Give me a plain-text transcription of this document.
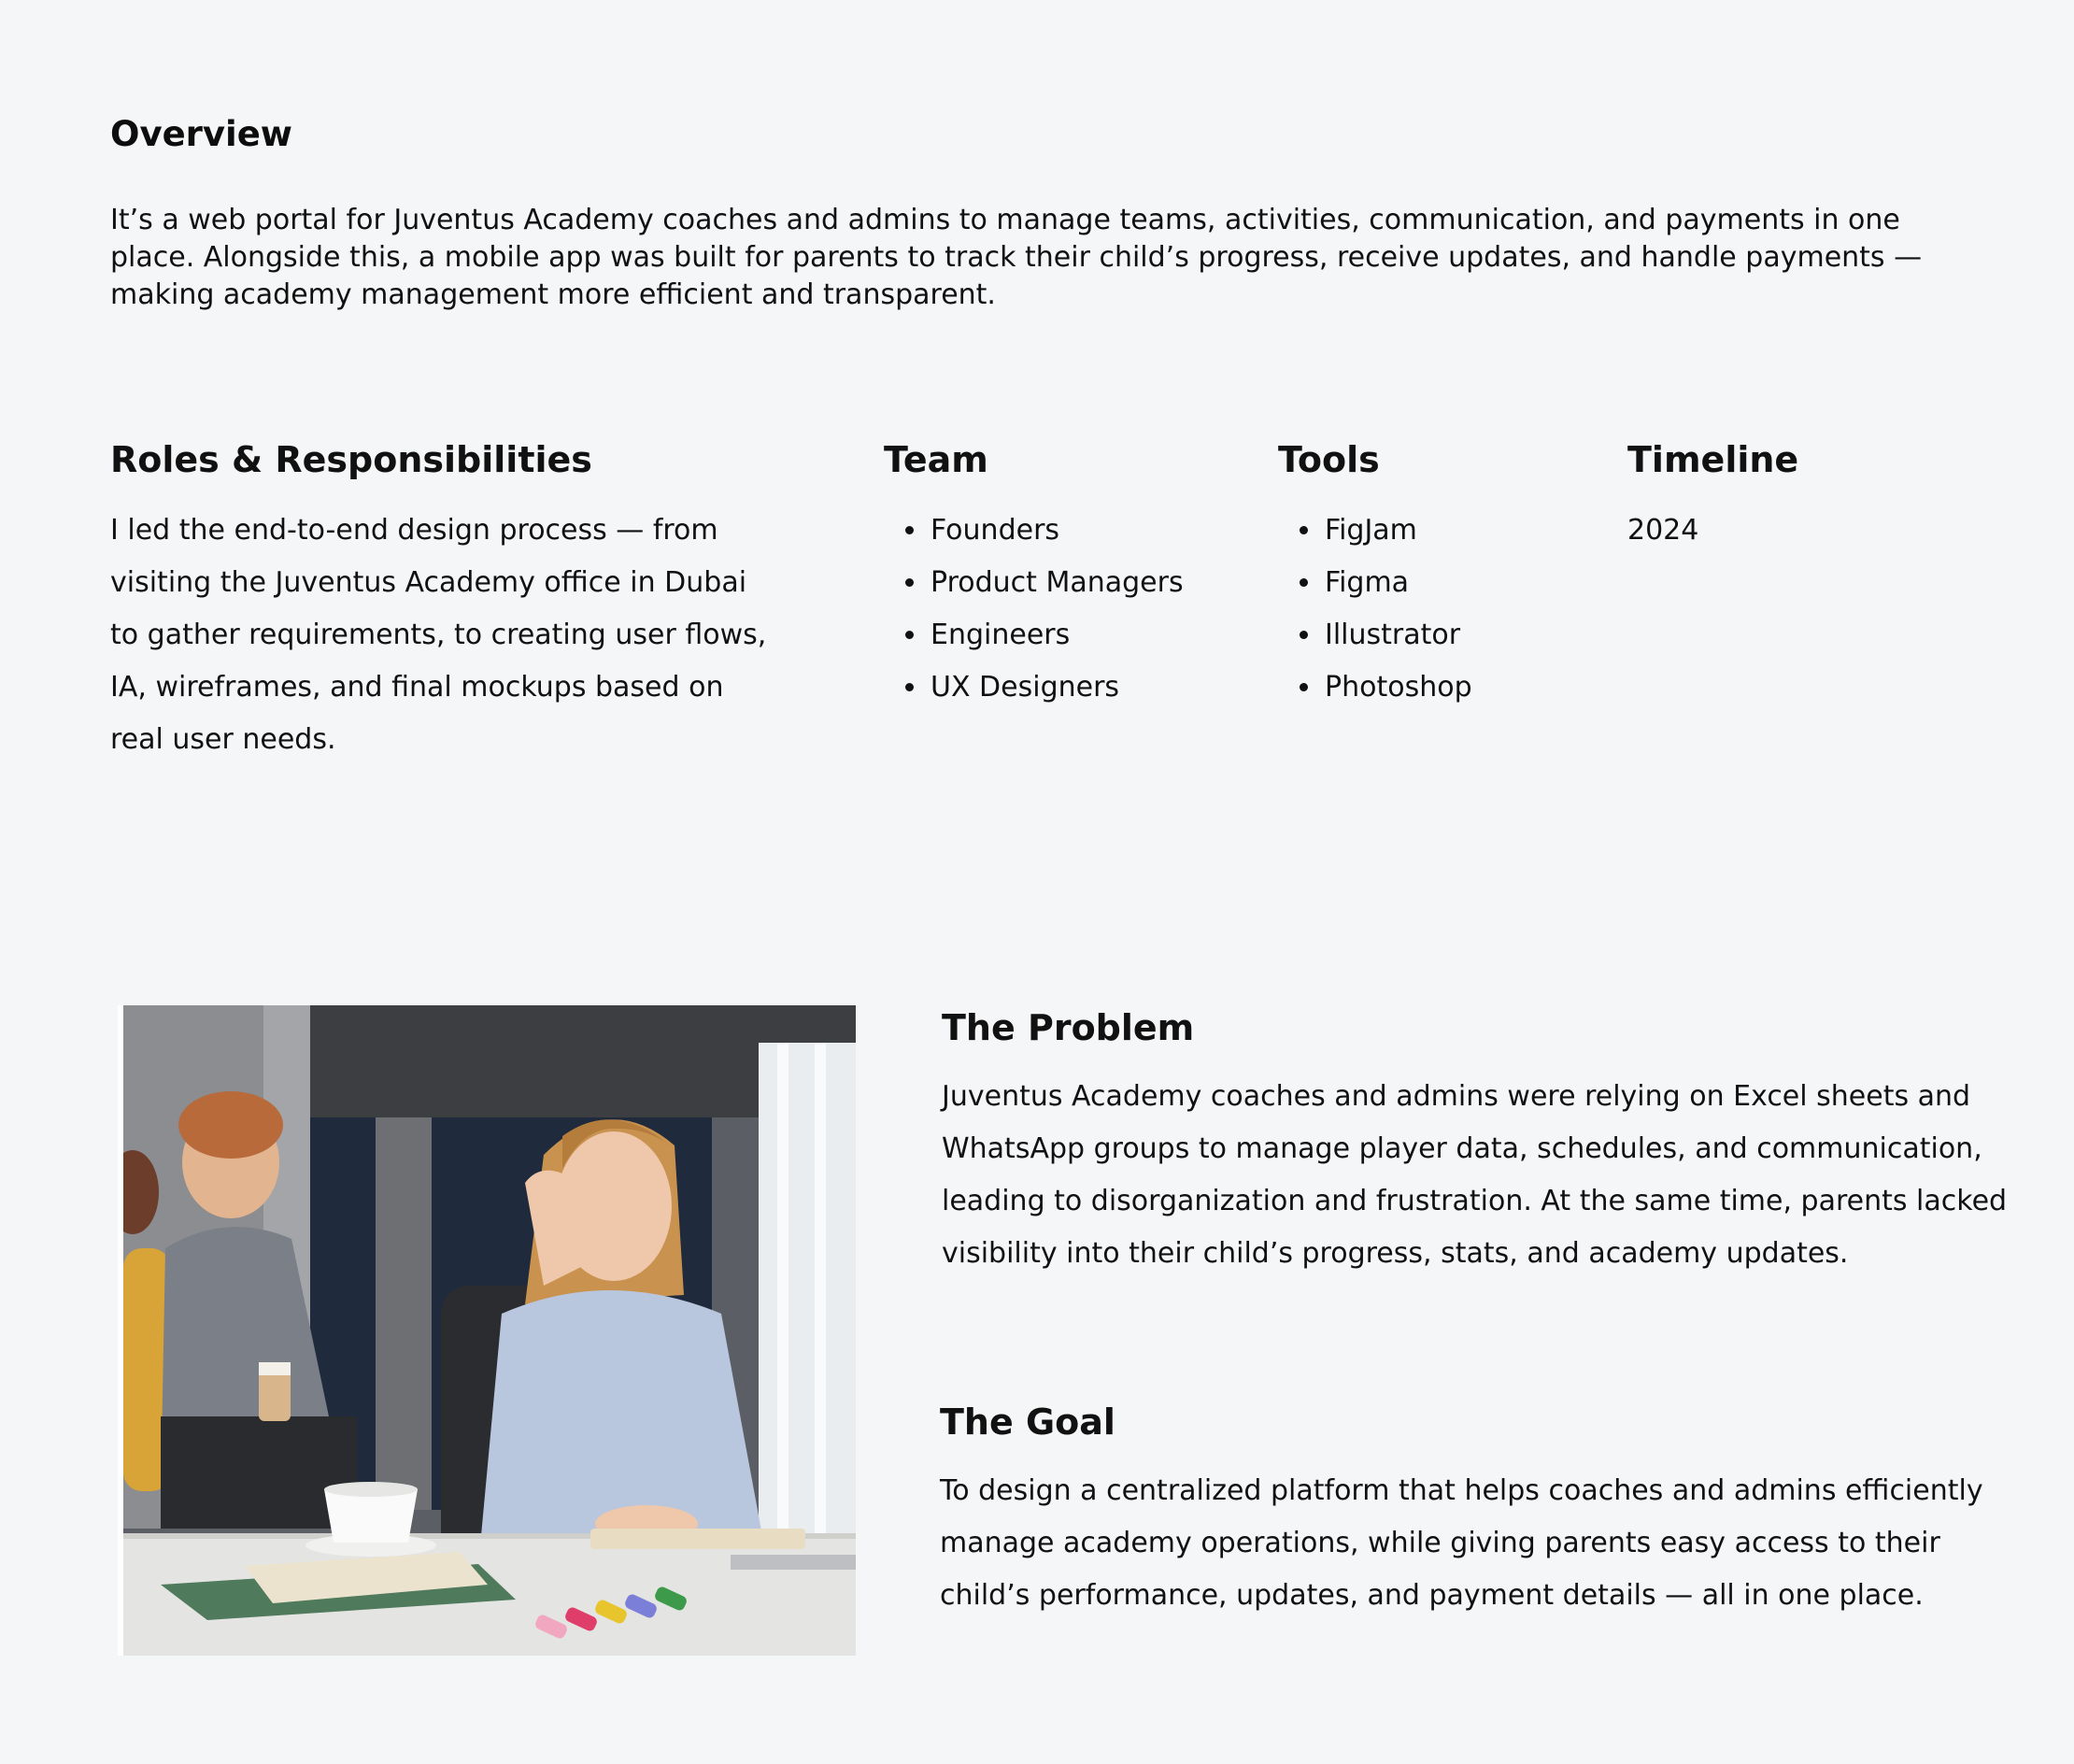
Overview

It’s a web portal for Juventus Academy coaches and admins to manage teams, activities, communication, and payments in one place. Alongside this, a mobile app was built for parents to track their child’s progress, receive updates, and handle payments — making academy management more efficient and transparent.

Roles & Responsibilities

I led the end-to-end design process — from visiting the Juventus Academy office in Dubai to gather requirements, to creating user flows, IA, wireframes, and final mockups based on real user needs.

Team
• Founders
• Product Managers
• Engineers
• UX Designers
Tools
• FigJam
• Figma
• Illustrator
• Photoshop
Timeline

2024

The Problem

Juventus Academy coaches and admins were relying on Excel sheets and WhatsApp groups to manage player data, schedules, and communication, leading to disorganization and frustration. At the same time, parents lacked visibility into their child’s progress, stats, and academy updates.

The Goal

To design a centralized platform that helps coaches and admins efficiently manage academy operations, while giving parents easy access to their child’s performance, updates, and payment details — all in one place.
